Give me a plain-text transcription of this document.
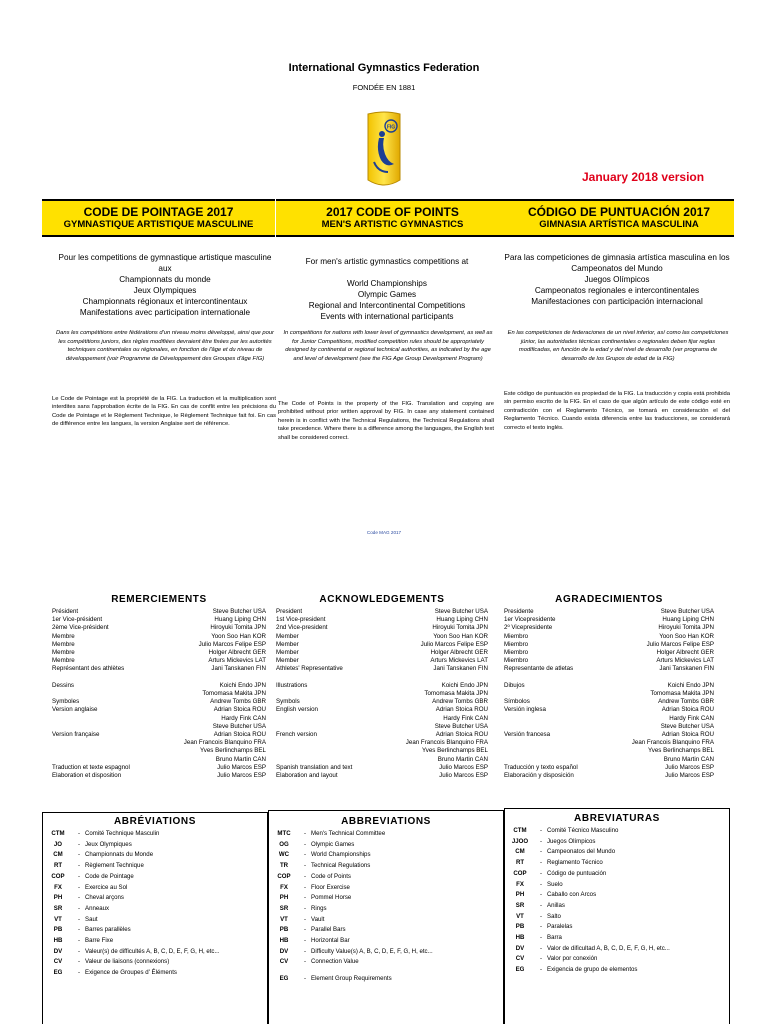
International Gymnastics Federation
FONDÉE EN 1881
FIG
January 2018 version
CODE DE POINTAGE 2017
GYMNASTIQUE ARTISTIQUE MASCULINE
2017 CODE OF POINTS
MEN'S ARTISTIC GYMNASTICS
CÓDIGO DE PUNTUACIÓN 2017
GIMNASIA ARTÍSTICA MASCULINA
Pour les competitions de gymnastique artistique masculine aux
Championnats du monde
Jeux Olympiques
Championnats régionaux et intercontinentaux
Manifestations avec participation internationale
For men's artistic gymnastics competitions at
World Championships
Olympic Games
Regional and Intercontinental Competitions
Events with international participants
Para las competiciones de gimnasia artística masculina en los
Campeonatos del Mundo
Juegos Olímpicos
Campeonatos regionales e intercontinentales
Manifestaciones con participación internacional
Dans les compétitions entre fédérations d'un niveau moins développé, ainsi que pour les compétitions juniors, des règles modifiées devraient être fixées par les autorités techniques continentales ou régionales, en fonction de l'âge et du niveau de développement (voir Programme de Développement des Groupes d'âge FIG)
In competitions for nations with lower level of gymnastics development, as well as for Junior Competitions, modified competition rules should be appropriately designed by continental or regional technical authorities, as indicated by the age and level of development (see the FIG Age Group Development Program)
En las competiciones de federaciones de un nivel inferior, así como las competiciones júnior, las autoridades técnicas continentales o regionales deben fijar reglas modificadas, en función de la edad y del nivel de desarrollo (ver programa de desarrollo de los Grupos de edad de la FIG)
Le Code de Pointage est la propriété de la FIG. La traduction et la multiplication sont interdites sans l'approbation écrite de la FIG. En cas de conflit entre les précisions du Code de Pointage et le Règlement Technique, le Règlement Technique fait foi. En cas de différence entre les langues, la version Anglaise sert de référence.
The Code of Points is the property of the FIG. Translation and copying are prohibited without prior written approval by FIG. In case any statement contained herein is in conflict with the Technical Regulations, the Technical Regulations shall take precedence. Where there is a difference among the languages, the English text shall be considered correct.
Este código de puntuación es propiedad de la FIG. La traducción y copia está prohibida sin permiso escrito de la FIG. En el caso de que algún artículo de este código esté en contradicción con el Reglamento Técnico, se tomará en consideración el del Reglamento Técnico. Cuando exista diferencia entre las traducciones, se considerará correcto el texto inglés.
Code MAG 2017
REMERCIEMENTS
Président	Steve Butcher USA
1er Vice-président	Huang Liping CHN
2ème Vice-président	Hiroyuki Tomita JPN
Membre	Yoon Soo Han KOR
Membre	Julio Marcos Felipe ESP
Membre	Holger Albrecht GER
Membre	Arturs Mickevics LAT
Représentant des athlètes	Jani Tanskanen FIN
Dessins	Koichi Endo JPN
Tomomasa Makita JPN
Symboles	Andrew Tombs GBR
Version anglaise	Adrian Stoica ROU
Hardy Fink CAN
Steve Butcher USA
Version française	Adrian Stoica ROU
Jean Francois Blanquino FRA
Yves Berlinchamps BEL
Bruno Martin CAN
Traduction et texte espagnol	Julio Marcos ESP
Elaboration et disposition	Julio Marcos ESP
ACKNOWLEDGEMENTS
President	Steve Butcher USA
1st Vice-president	Huang Liping CHN
2nd Vice-president	Hiroyuki Tomita JPN
Member	Yoon Soo Han KOR
Member	Julio Marcos Felipe ESP
Member	Holger Albrecht GER
Member	Arturs Mickevics LAT
Athletes' Representative	Jani Tanskanen FIN
Illustrations	Koichi Endo JPN
Tomomasa Makita JPN
Symbols	Andrew Tombs GBR
English version	Adrian Stoica ROU
Hardy Fink CAN
Steve Butcher USA
French version	Adrian Stoica ROU
Jean Francois Blanquino FRA
Yves Berlinchamps BEL
Bruno Martin CAN
Spanish translation and text	Julio Marcos ESP
Elaboration and layout	Julio Marcos ESP
AGRADECIMIENTOS
Presidente	Steve Butcher USA
1er Vicepresidente	Huang Liping CHN
2º Vicepresidente	Hiroyuki Tomita JPN
Miembro	Yoon Soo Han KOR
Miembro	Julio Marcos Felipe ESP
Miembro	Holger Albrecht GER
Miembro	Arturs Mickevics LAT
Representante de atletas	Jani Tanskanen FIN
Dibujos	Koichi Endo JPN
Tomomasa Makita JPN
Símbolos	Andrew Tombs GBR
Versión inglesa	Adrian Stoica ROU
Hardy Fink CAN
Steve Butcher USA
Versión francesa	Adrian Stoica ROU
Jean Francois Blanquino FRA
Yves Berlinchamps BEL
Bruno Martin CAN
Traducción y texto español	Julio Marcos ESP
Elaboración y disposición	Julio Marcos ESP
ABRÉVIATIONS
CTM	- Comité Technique Masculin
JO	- Jeux Olympiques
CM	- Championnats du Monde
RT	- Règlement Technique
COP	- Code de Pointage
FX	- Exercice au Sol
PH	- Cheval arçons
SR	- Anneaux
VT	- Saut
PB	- Barres parallèles
HB	- Barre Fixe
DV	- Valeur(s) de difficultés A, B, C, D, E, F, G, H, etc...
CV	- Valeur de liaisons (connexions)
EG	- Exigence de Groupes d' Éléments
ABBREVIATIONS
MTC	- Men's Technical Committee
OG	- Olympic Games
WC	- World Championships
TR	- Technical Regulations
COP	- Code of Points
FX	- Floor Exercise
PH	- Pommel Horse
SR	- Rings
VT	- Vault
PB	- Parallel Bars
HB	- Horizontal Bar
DV	- Difficulty Value(s) A, B, C, D, E, F, G, H, etc...
CV	- Connection Value
EG	- Element Group Requirements
ABREVIATURAS
CTM	- Comité Técnico Masculino
JJOO	- Juegos Olímpicos
CM	- Campeonatos del Mundo
RT	- Reglamento Técnico
COP	- Código de puntuación
FX	- Suelo
PH	- Caballo con Arcos
SR	- Anillas
VT	- Salto
PB	- Paralelas
HB	- Barra
DV	- Valor de dificultad A, B, C, D, E, F, G, H, etc...
CV	- Valor por conexión
EG	- Exigencia de grupo de elementos
